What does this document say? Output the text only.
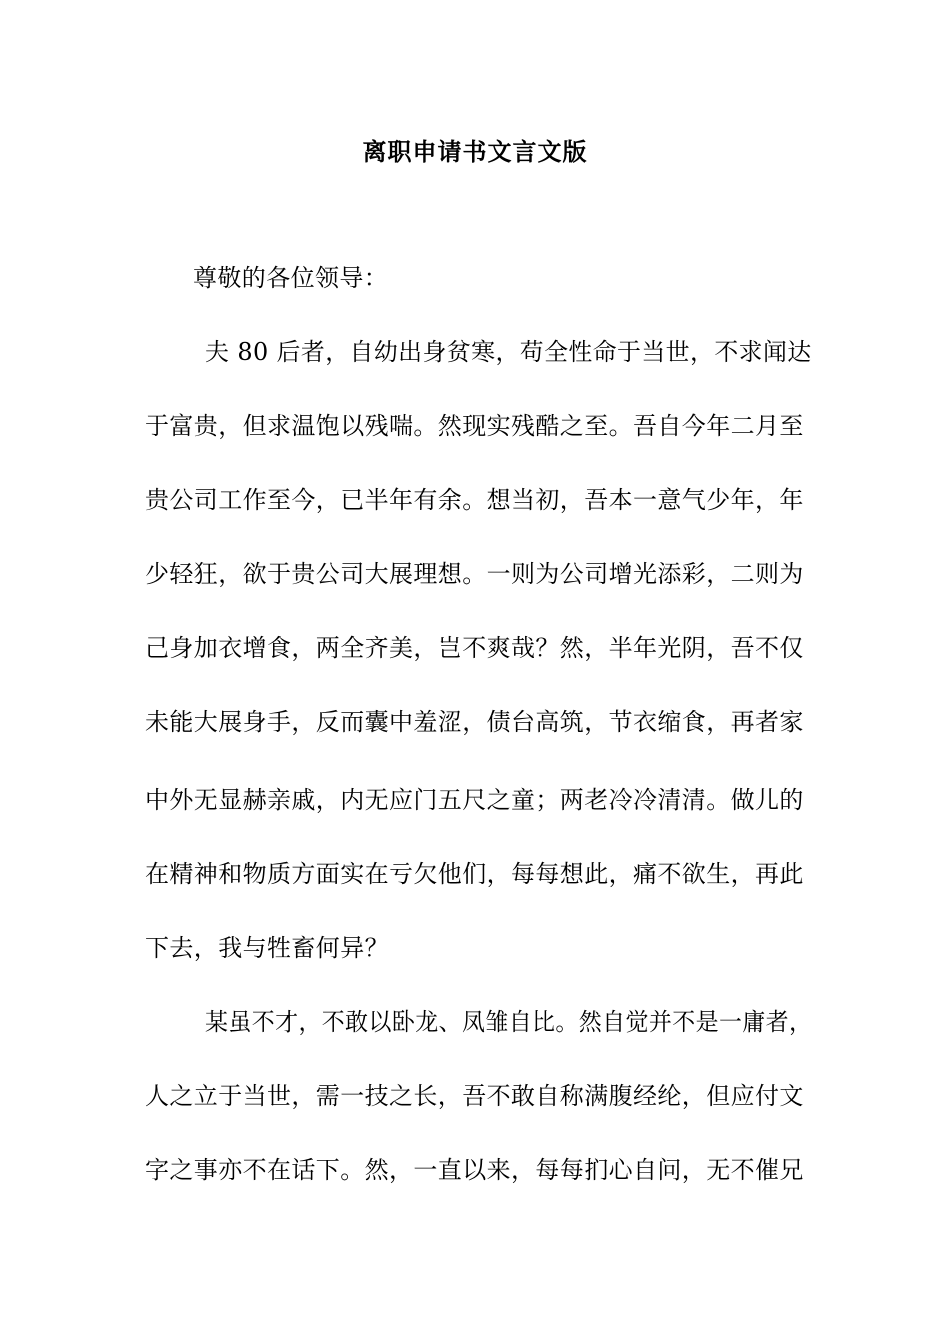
离职申请书文言文版
尊敬的各位领导：
夫 80 后者，自幼出身贫寒，苟全性命于当世，不求闻达
于富贵，但求温饱以残喘。然现实残酷之至。吾自今年二月至
贵公司工作至今，已半年有余。想当初，吾本一意气少年，年
少轻狂，欲于贵公司大展理想。一则为公司增光添彩，二则为
己身加衣增食，两全齐美，岂不爽哉？然，半年光阴，吾不仅
未能大展身手，反而囊中羞涩，债台高筑，节衣缩食，再者家
中外无显赫亲戚，内无应门五尺之童；两老冷冷清清。做儿的
在精神和物质方面实在亏欠他们，每每想此，痛不欲生，再此
下去，我与牲畜何异？
某虽不才，不敢以卧龙、凤雏自比。然自觉并不是一庸者，
人之立于当世，需一技之长，吾不敢自称满腹经纶，但应付文
字之事亦不在话下。然，一直以来，每每扪心自问，无不催兄
